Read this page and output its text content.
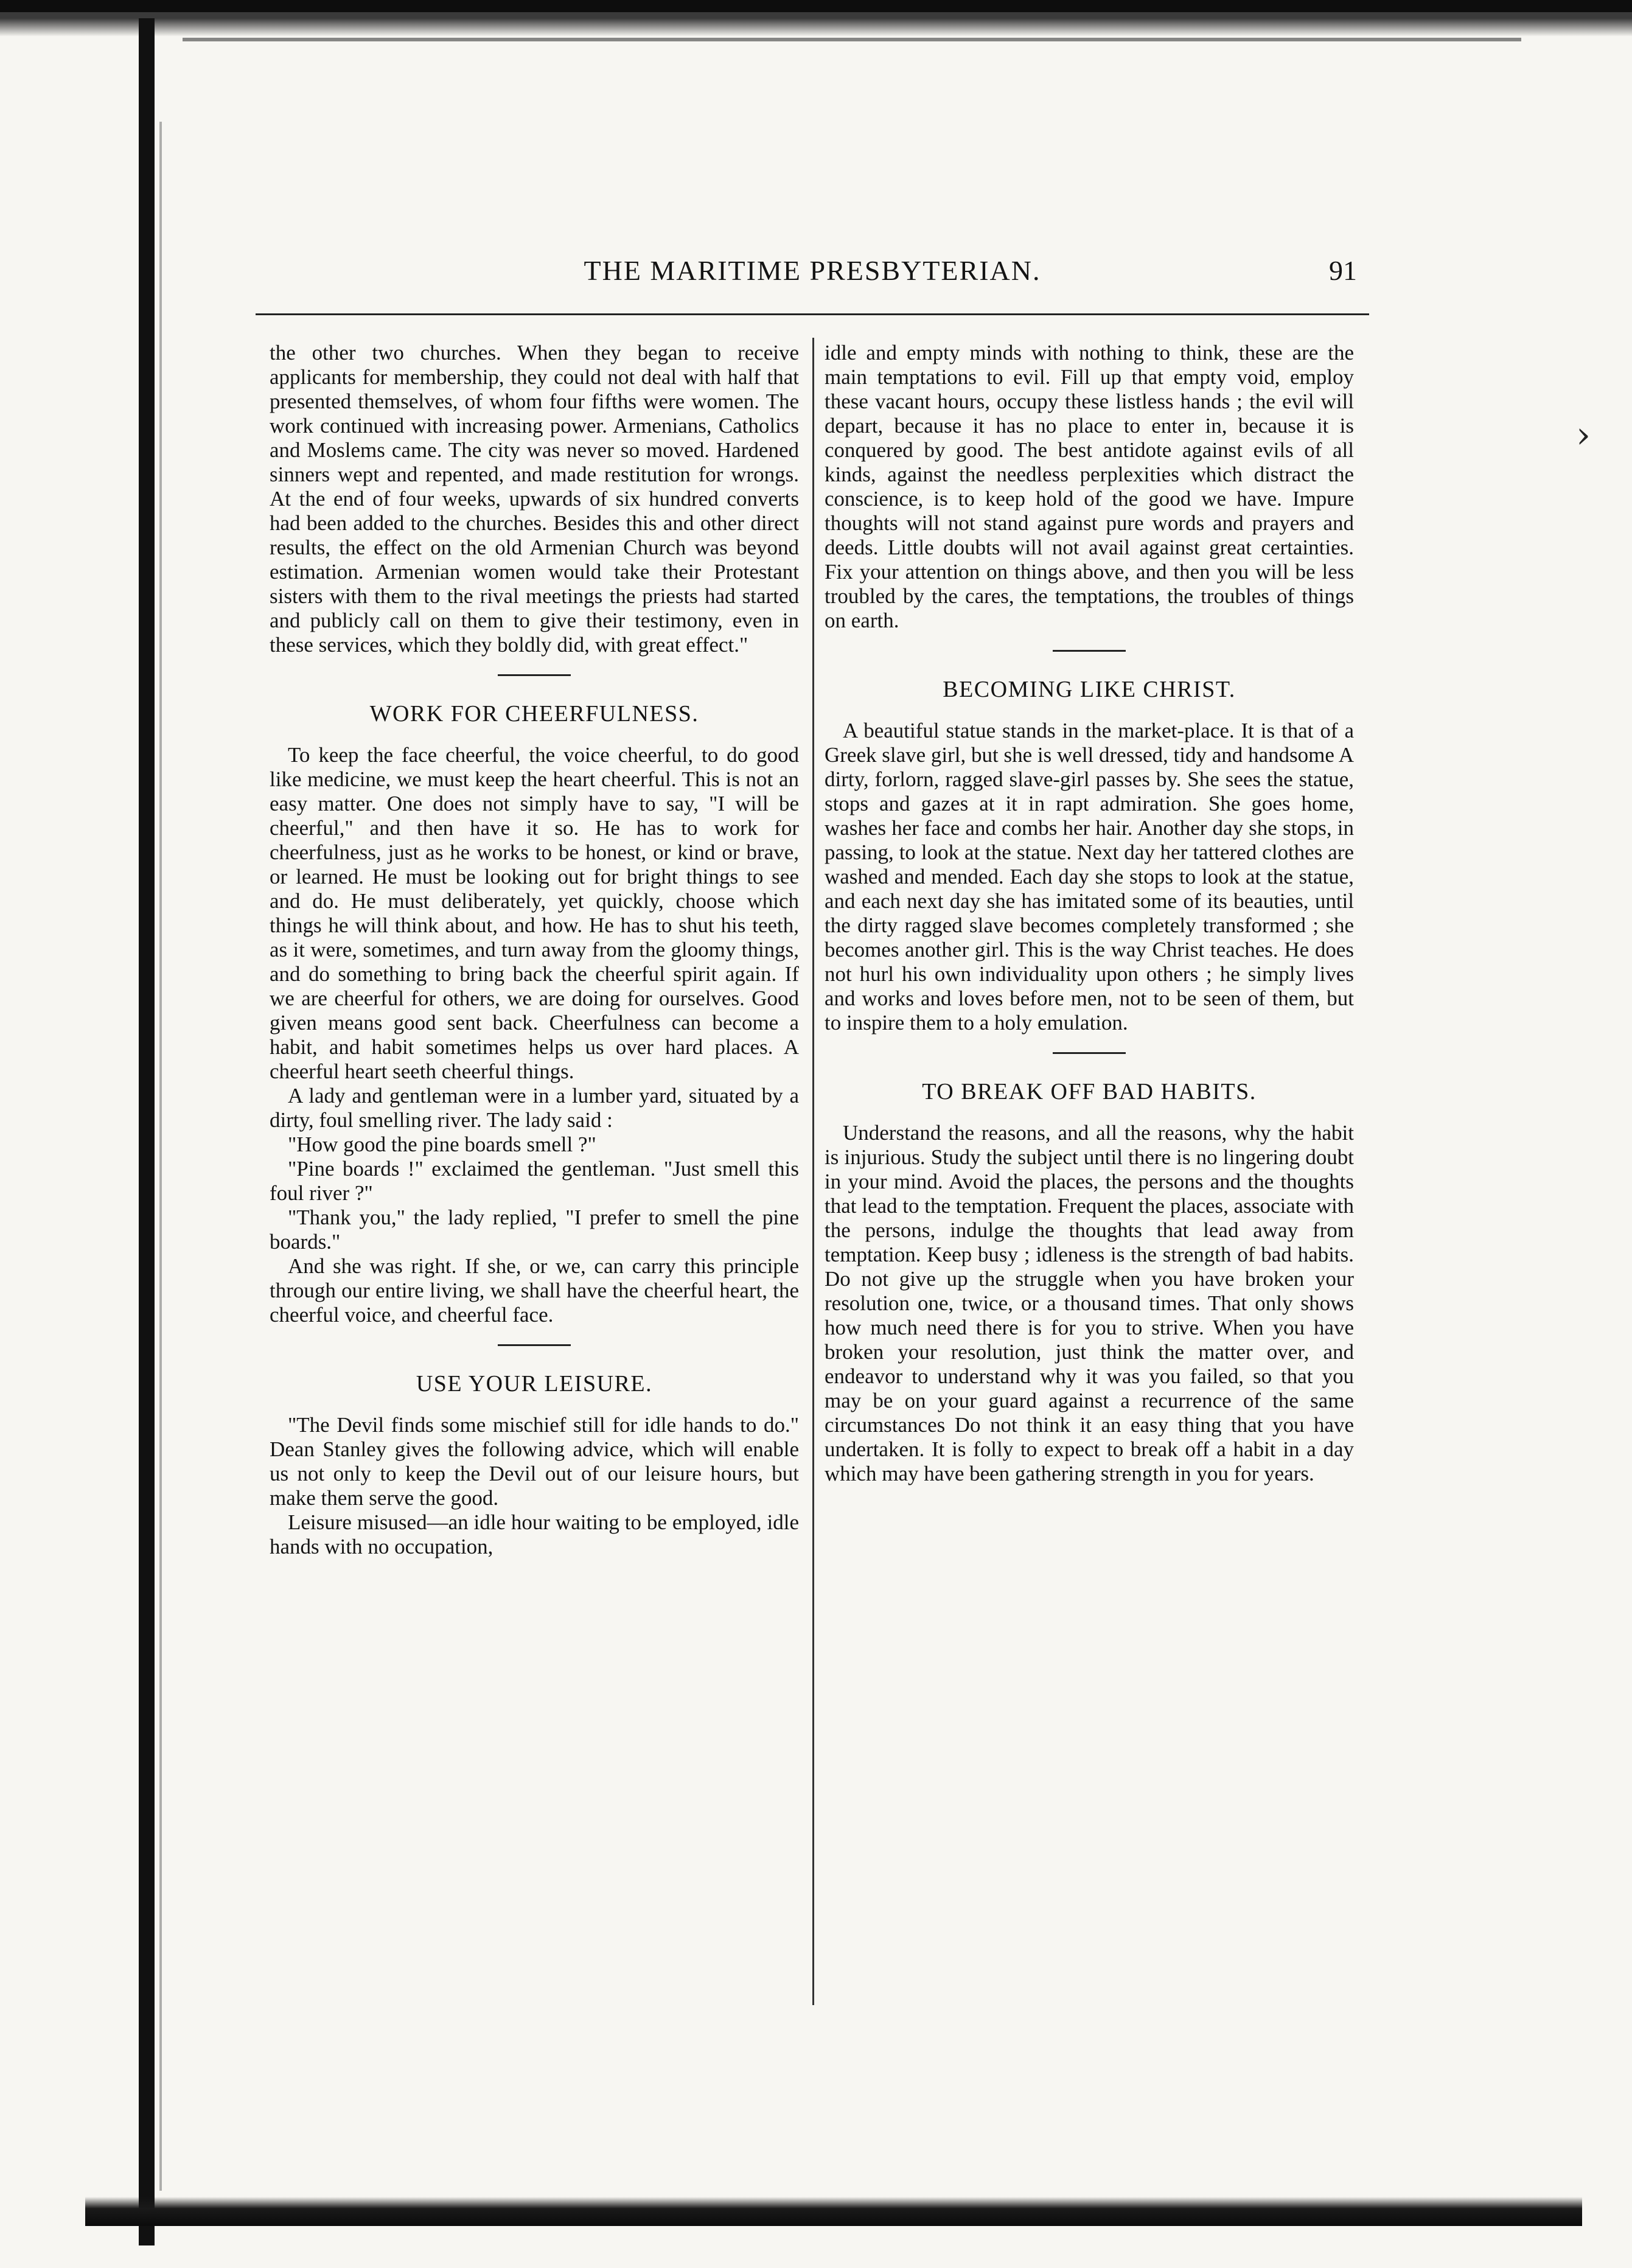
›
THE MARITIME PRESBYTERIAN.	91

the other two churches. When they began to receive applicants for membership, they could not deal with half that presented themselves, of whom four fifths were women. The work continued with increasing power. Armenians, Catholics and Moslems came. The city was never so moved. Hardened sinners wept and repented, and made restitution for wrongs. At the end of four weeks, upwards of six hundred converts had been added to the churches. Besides this and other direct results, the effect on the old Armenian Church was beyond estimation. Armenian women would take their Protestant sisters with them to the rival meetings the priests had started and publicly call on them to give their testimony, even in these services, which they boldly did, with great effect."

WORK FOR CHEERFULNESS.

To keep the face cheerful, the voice cheerful, to do good like medicine, we must keep the heart cheerful. This is not an easy matter. One does not simply have to say, "I will be cheerful," and then have it so. He has to work for cheerfulness, just as he works to be honest, or kind or brave, or learned. He must be looking out for bright things to see and do. He must deliberately, yet quickly, choose which things he will think about, and how. He has to shut his teeth, as it were, sometimes, and turn away from the gloomy things, and do something to bring back the cheerful spirit again. If we are cheerful for others, we are doing for ourselves. Good given means good sent back. Cheerfulness can become a habit, and habit sometimes helps us over hard places. A cheerful heart seeth cheerful things.

A lady and gentleman were in a lumber yard, situated by a dirty, foul smelling river. The lady said :

"How good the pine boards smell ?"

"Pine boards !" exclaimed the gentleman. "Just smell this foul river ?"

"Thank you," the lady replied, "I prefer to smell the pine boards."

And she was right. If she, or we, can carry this principle through our entire living, we shall have the cheerful heart, the cheerful voice, and cheerful face.

USE YOUR LEISURE.

"The Devil finds some mischief still for idle hands to do." Dean Stanley gives the following advice, which will enable us not only to keep the Devil out of our leisure hours, but make them serve the good.

Leisure misused—an idle hour waiting to be employed, idle hands with no occupation,

idle and empty minds with nothing to think, these are the main temptations to evil. Fill up that empty void, employ these vacant hours, occupy these listless hands ; the evil will depart, because it has no place to enter in, because it is conquered by good. The best antidote against evils of all kinds, against the needless perplexities which distract the conscience, is to keep hold of the good we have. Impure thoughts will not stand against pure words and prayers and deeds. Little doubts will not avail against great certainties. Fix your attention on things above, and then you will be less troubled by the cares, the temptations, the troubles of things on earth.

BECOMING LIKE CHRIST.

A beautiful statue stands in the market-place. It is that of a Greek slave girl, but she is well dressed, tidy and handsome A dirty, forlorn, ragged slave-girl passes by. She sees the statue, stops and gazes at it in rapt admiration. She goes home, washes her face and combs her hair. Another day she stops, in passing, to look at the statue. Next day her tattered clothes are washed and mended. Each day she stops to look at the statue, and each next day she has imitated some of its beauties, until the dirty ragged slave becomes completely transformed ; she becomes another girl. This is the way Christ teaches. He does not hurl his own individuality upon others ; he simply lives and works and loves before men, not to be seen of them, but to inspire them to a holy emulation.

TO BREAK OFF BAD HABITS.

Understand the reasons, and all the reasons, why the habit is injurious. Study the subject until there is no lingering doubt in your mind. Avoid the places, the persons and the thoughts that lead to the temptation. Frequent the places, associate with the persons, indulge the thoughts that lead away from temptation. Keep busy ; idleness is the strength of bad habits. Do not give up the struggle when you have broken your resolution one, twice, or a thousand times. That only shows how much need there is for you to strive. When you have broken your resolution, just think the matter over, and endeavor to understand why it was you failed, so that you may be on your guard against a recurrence of the same circumstances Do not think it an easy thing that you have undertaken. It is folly to expect to break off a habit in a day which may have been gathering strength in you for years.
